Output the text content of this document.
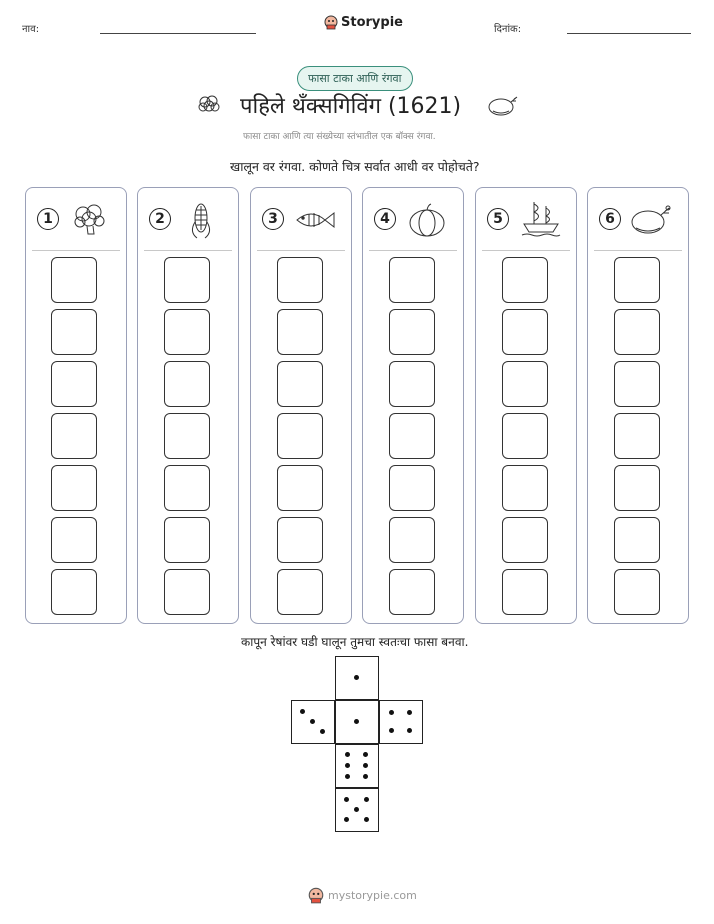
नाव:	Storypie	दिनांक:
फासा टाका आणि रंगवा
पहिले थँक्सगिविंग (1621)
फासा टाका आणि त्या संख्येच्या स्तंभातील एक बॉक्स रंगवा.
खालून वर रंगवा. कोणते चित्र सर्वात आधी वर पोहोचते?
1	2	3	4	5	6
कापून रेषांवर घडी घालून तुमचा स्वतःचा फासा बनवा.
mystorypie.com
